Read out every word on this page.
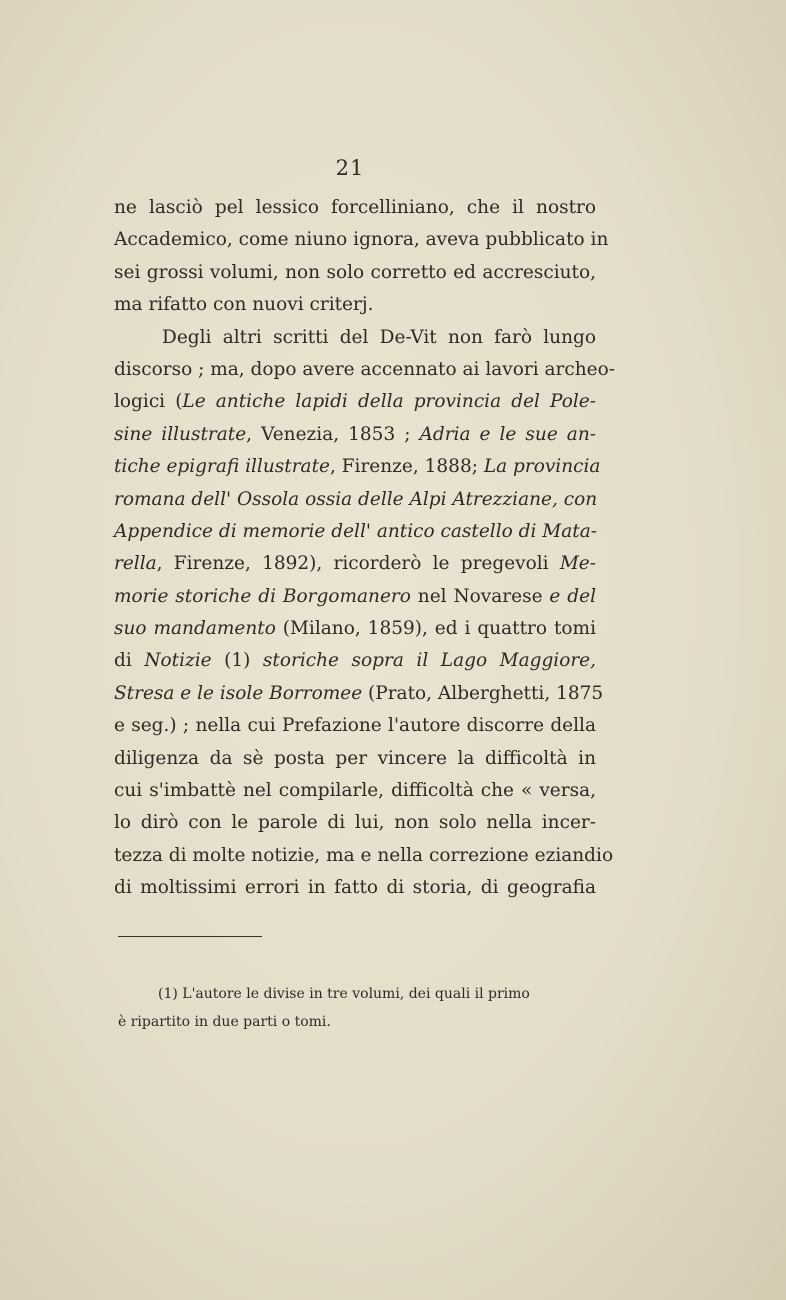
21
ne lasciò pel lessico forcelliniano, che il nostro
Accademico, come niuno ignora, aveva pubblicato in
sei grossi volumi, non solo corretto ed accresciuto,
ma rifatto con nuovi criterj.
Degli altri scritti del De-Vit non farò lungo
discorso ; ma, dopo avere accennato ai lavori archeo-
logici (Le antiche lapidi della provincia del Pole-
sine illustrate, Venezia, 1853 ; Adria e le sue an-
tiche epigrafi illustrate, Firenze, 1888; La provincia
romana dell' Ossola ossia delle Alpi Atrezziane, con
Appendice di memorie dell' antico castello di Mata-
rella, Firenze, 1892), ricorderò le pregevoli Me-
morie storiche di Borgomanero nel Novarese e del
suo mandamento (Milano, 1859), ed i quattro tomi
di Notizie (1) storiche sopra il Lago Maggiore,
Stresa e le isole Borromee (Prato, Alberghetti, 1875
e seg.) ; nella cui Prefazione l'autore discorre della
diligenza da sè posta per vincere la difficoltà in
cui s'imbattè nel compilarle, difficoltà che « versa,
lo dirò con le parole di lui, non solo nella incer-
tezza di molte notizie, ma e nella correzione eziandio
di moltissimi errori in fatto di storia, di geografia
(1) L'autore le divise in tre volumi, dei quali il primo
è ripartito in due parti o tomi.
